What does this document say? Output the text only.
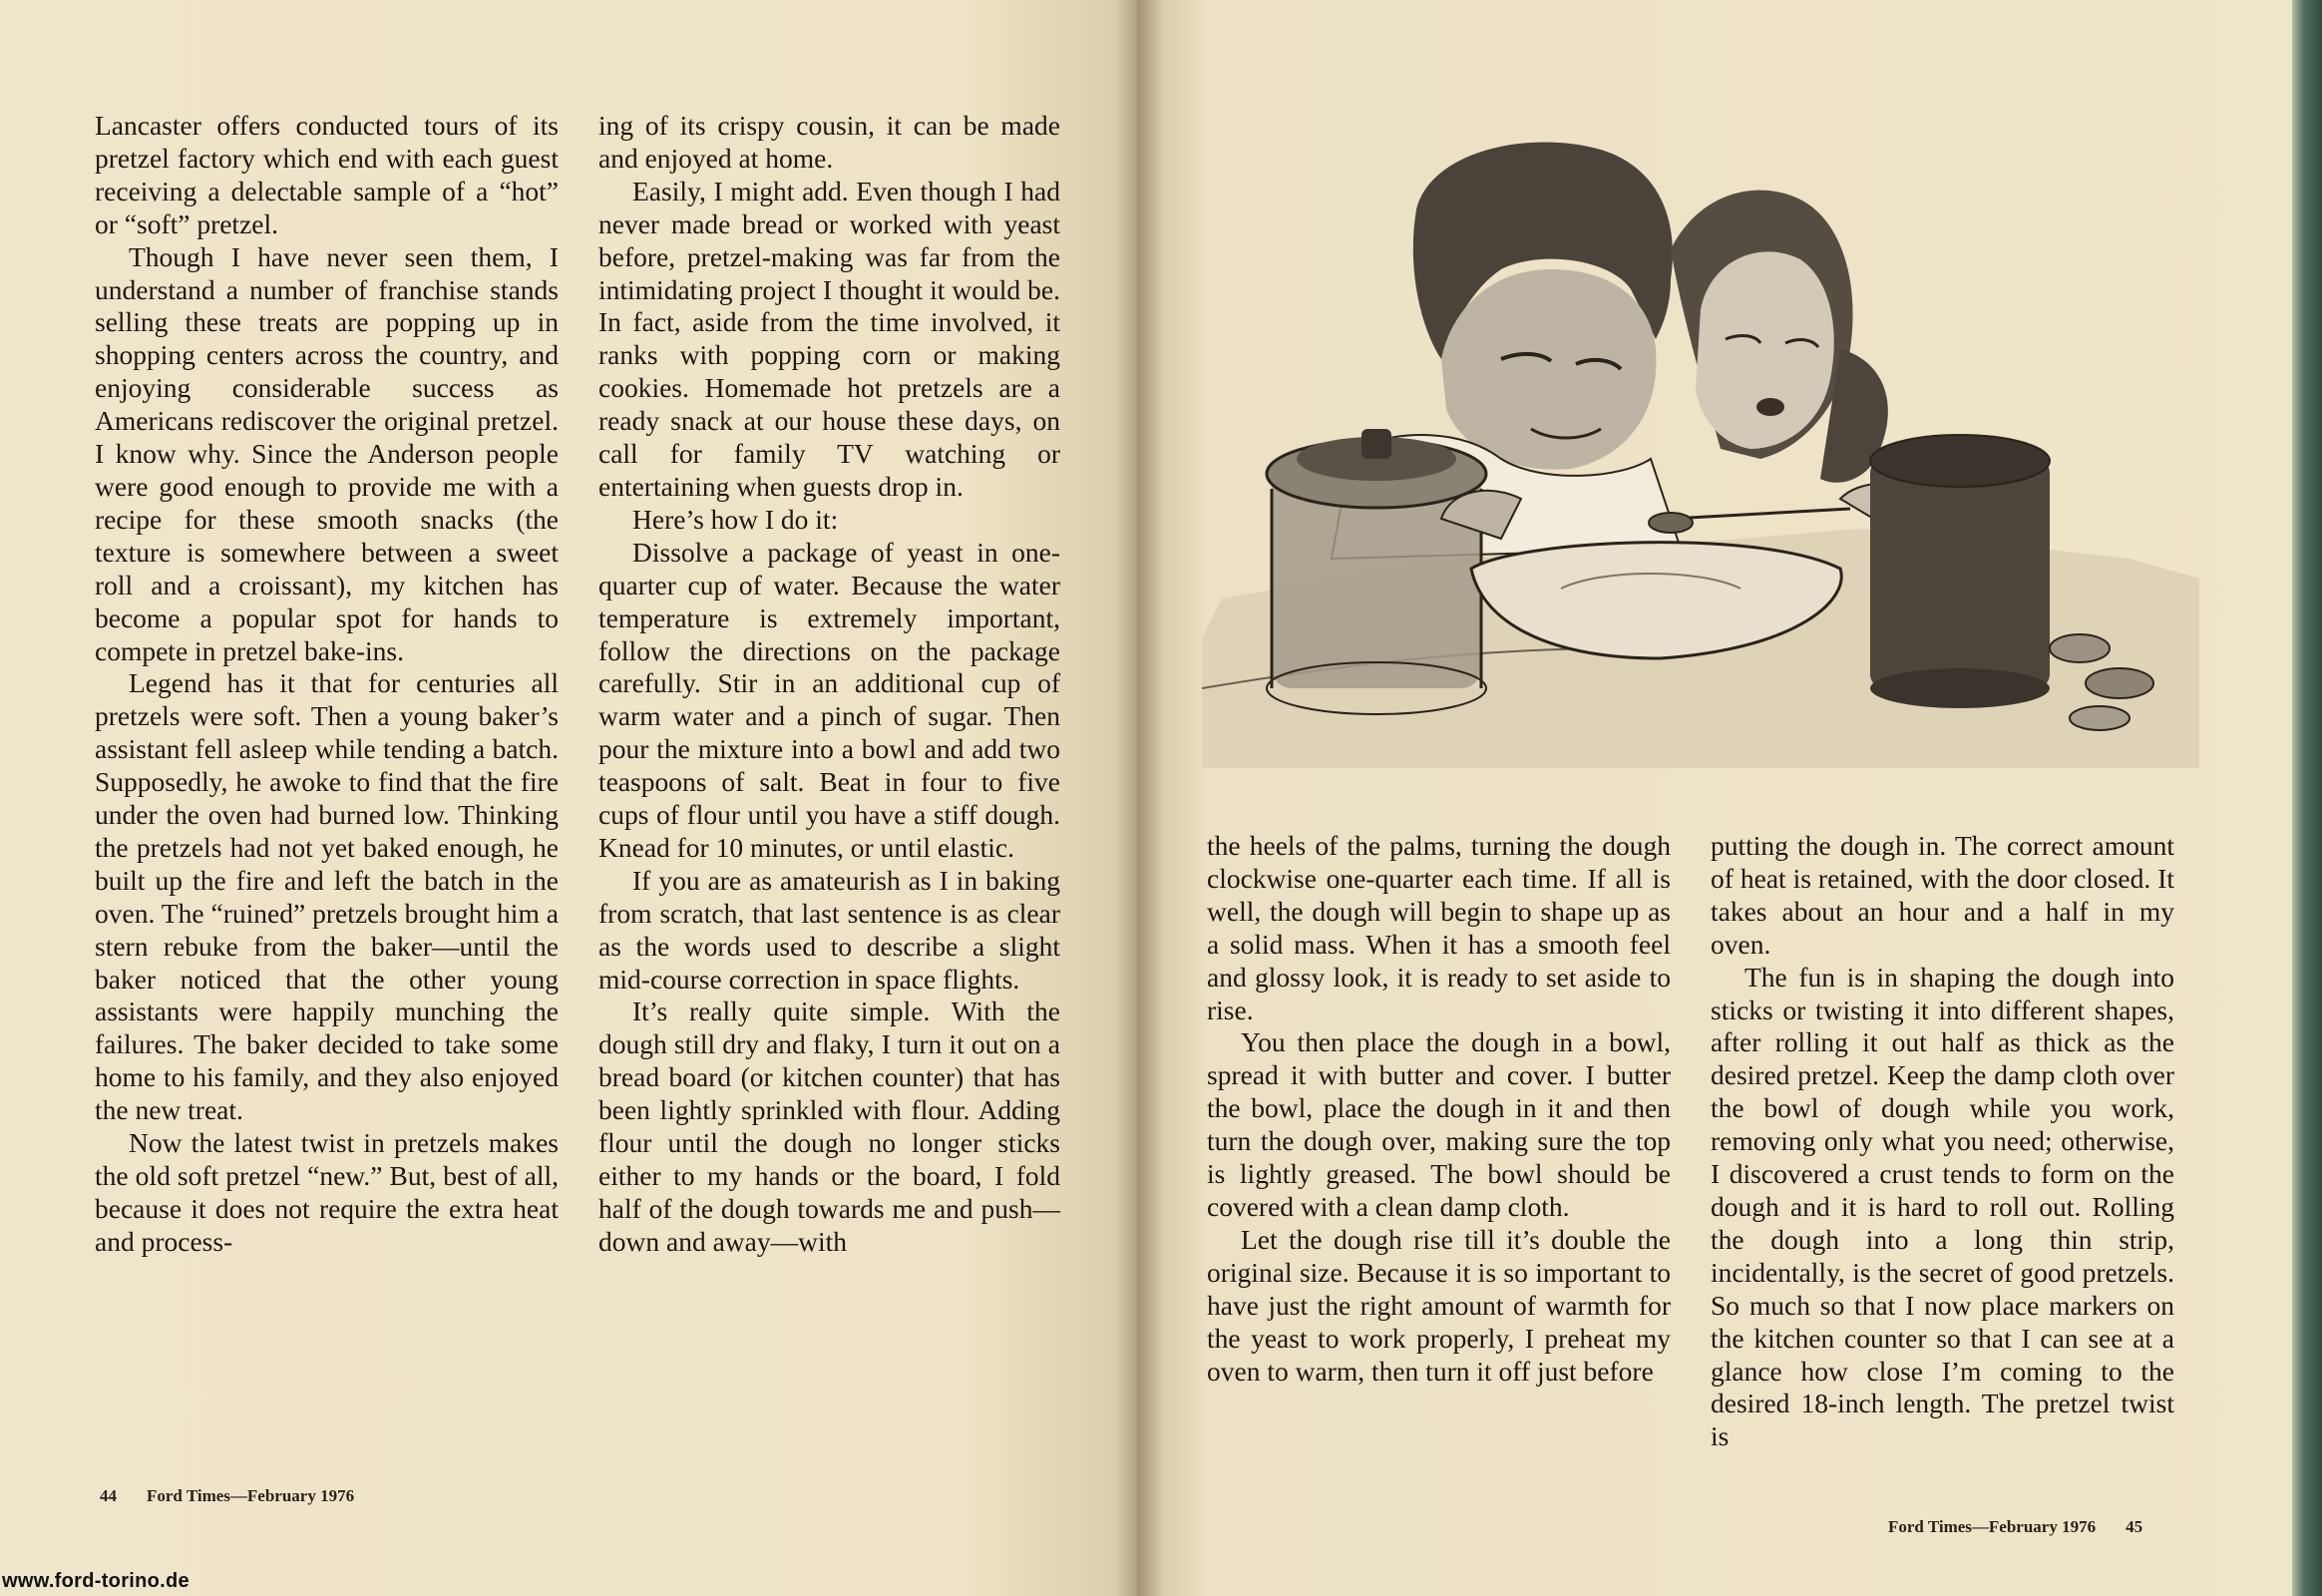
Lancaster offers conducted tours of its pretzel factory which end with each guest receiving a delectable sample of a “hot” or “soft” pretzel.

Though I have never seen them, I understand a number of franchise stands selling these treats are popping up in shopping centers across the country, and enjoying considerable success as Americans rediscover the original pretzel. I know why. Since the Anderson people were good enough to provide me with a recipe for these smooth snacks (the texture is somewhere between a sweet roll and a croissant), my kitchen has become a popular spot for hands to compete in pretzel bake-ins.

Legend has it that for centuries all pretzels were soft. Then a young baker’s assistant fell asleep while tending a batch. Supposedly, he awoke to find that the fire under the oven had burned low. Thinking the pretzels had not yet baked enough, he built up the fire and left the batch in the oven. The “ruined” pretzels brought him a stern rebuke from the baker—until the baker noticed that the other young assistants were happily munching the failures. The baker decided to take some home to his family, and they also enjoyed the new treat.

Now the latest twist in pretzels makes the old soft pretzel “new.” But, best of all, because it does not require the extra heat and process-

ing of its crispy cousin, it can be made and enjoyed at home.

Easily, I might add. Even though I had never made bread or worked with yeast before, pretzel-making was far from the intimidating project I thought it would be. In fact, aside from the time involved, it ranks with popping corn or making cookies. Homemade hot pretzels are a ready snack at our house these days, on call for family TV watching or entertaining when guests drop in.

Here’s how I do it:

Dissolve a package of yeast in one-quarter cup of water. Because the water temperature is extremely important, follow the directions on the package carefully. Stir in an additional cup of warm water and a pinch of sugar. Then pour the mixture into a bowl and add two teaspoons of salt. Beat in four to five cups of flour until you have a stiff dough. Knead for 10 minutes, or until elastic.

If you are as amateurish as I in baking from scratch, that last sentence is as clear as the words used to describe a slight mid-course correction in space flights.

It’s really quite simple. With the dough still dry and flaky, I turn it out on a bread board (or kitchen counter) that has been lightly sprinkled with flour. Adding flour until the dough no longer sticks either to my hands or the board, I fold half of the dough towards me and push—down and away—with

44 Ford Times—February 1976

the heels of the palms, turning the dough clockwise one-quarter each time. If all is well, the dough will begin to shape up as a solid mass. When it has a smooth feel and glossy look, it is ready to set aside to rise.

You then place the dough in a bowl, spread it with butter and cover. I butter the bowl, place the dough in it and then turn the dough over, making sure the top is lightly greased. The bowl should be covered with a clean damp cloth.

Let the dough rise till it’s double the original size. Because it is so important to have just the right amount of warmth for the yeast to work properly, I preheat my oven to warm, then turn it off just before

putting the dough in. The correct amount of heat is retained, with the door closed. It takes about an hour and a half in my oven.

The fun is in shaping the dough into sticks or twisting it into different shapes, after rolling it out half as thick as the desired pretzel. Keep the damp cloth over the bowl of dough while you work, removing only what you need; otherwise, I discovered a crust tends to form on the dough and it is hard to roll out. Rolling the dough into a long thin strip, incidentally, is the secret of good pretzels. So much so that I now place markers on the kitchen counter so that I can see at a glance how close I’m coming to the desired 18-inch length. The pretzel twist is

Ford Times—February 1976 45
www.ford-torino.de
